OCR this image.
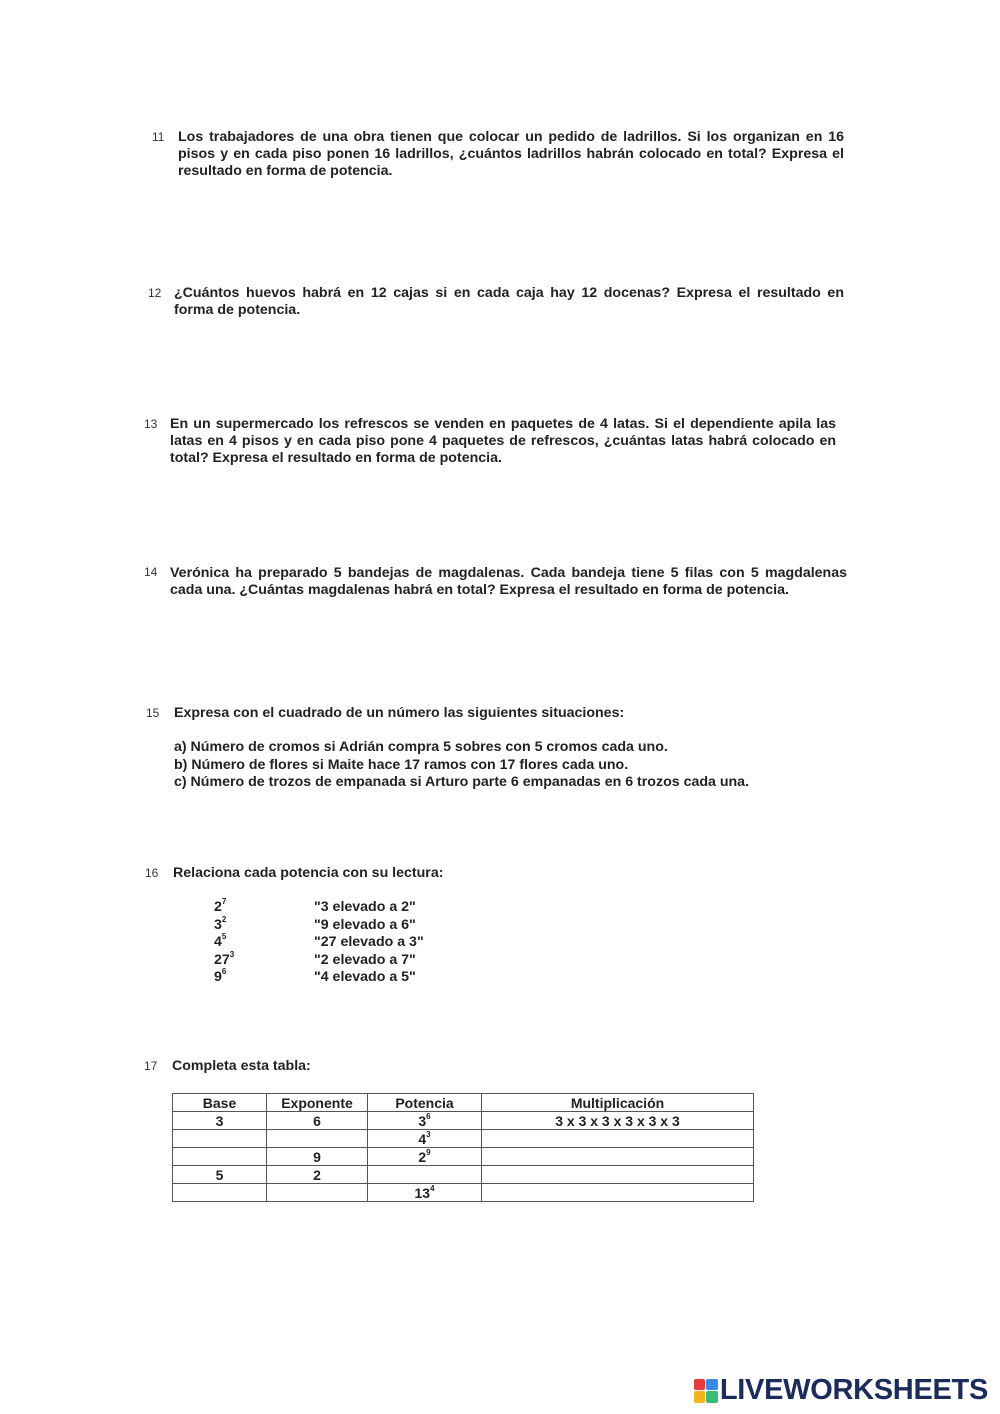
11 Los trabajadores de una obra tienen que colocar un pedido de ladrillos. Si los organizan en 16
pisos y en cada piso ponen 16 ladrillos, ¿cuántos ladrillos habrán colocado en total? Expresa el
resultado en forma de potencia.
12 ¿Cuántos huevos habrá en 12 cajas si en cada caja hay 12 docenas? Expresa el resultado en
forma de potencia.
13 En un supermercado los refrescos se venden en paquetes de 4 latas. Si el dependiente apila las
latas en 4 pisos y en cada piso pone 4 paquetes de refrescos, ¿cuántas latas habrá colocado en
total? Expresa el resultado en forma de potencia.
14 Verónica ha preparado 5 bandejas de magdalenas. Cada bandeja tiene 5 filas con 5 magdalenas
cada una. ¿Cuántas magdalenas habrá en total? Expresa el resultado en forma de potencia.
15 Expresa con el cuadrado de un número las siguientes situaciones:
a) Número de cromos si Adrián compra 5 sobres con 5 cromos cada uno.
b) Número de flores si Maite hace 17 ramos con 17 flores cada uno.
c) Número de trozos de empanada si Arturo parte 6 empanadas en 6 trozos cada una.
16 Relaciona cada potencia con su lectura:
$2^7$
$3^2$
$4^5$
$27^3$
$9^6$
"3 elevado a 2"
"9 elevado a 6"
"27 elevado a 3"
"2 elevado a 7"
"4 elevado a 5"
17 Completa esta tabla:
Base	Exponente	Potencia	Multiplicación
3	6	$3^6$	3 x 3 x 3 x 3 x 3 x 3
		$4^3$	
	9	$2^9$	
5	2		
		$13^4$	
LIVEWORKSHEETS
